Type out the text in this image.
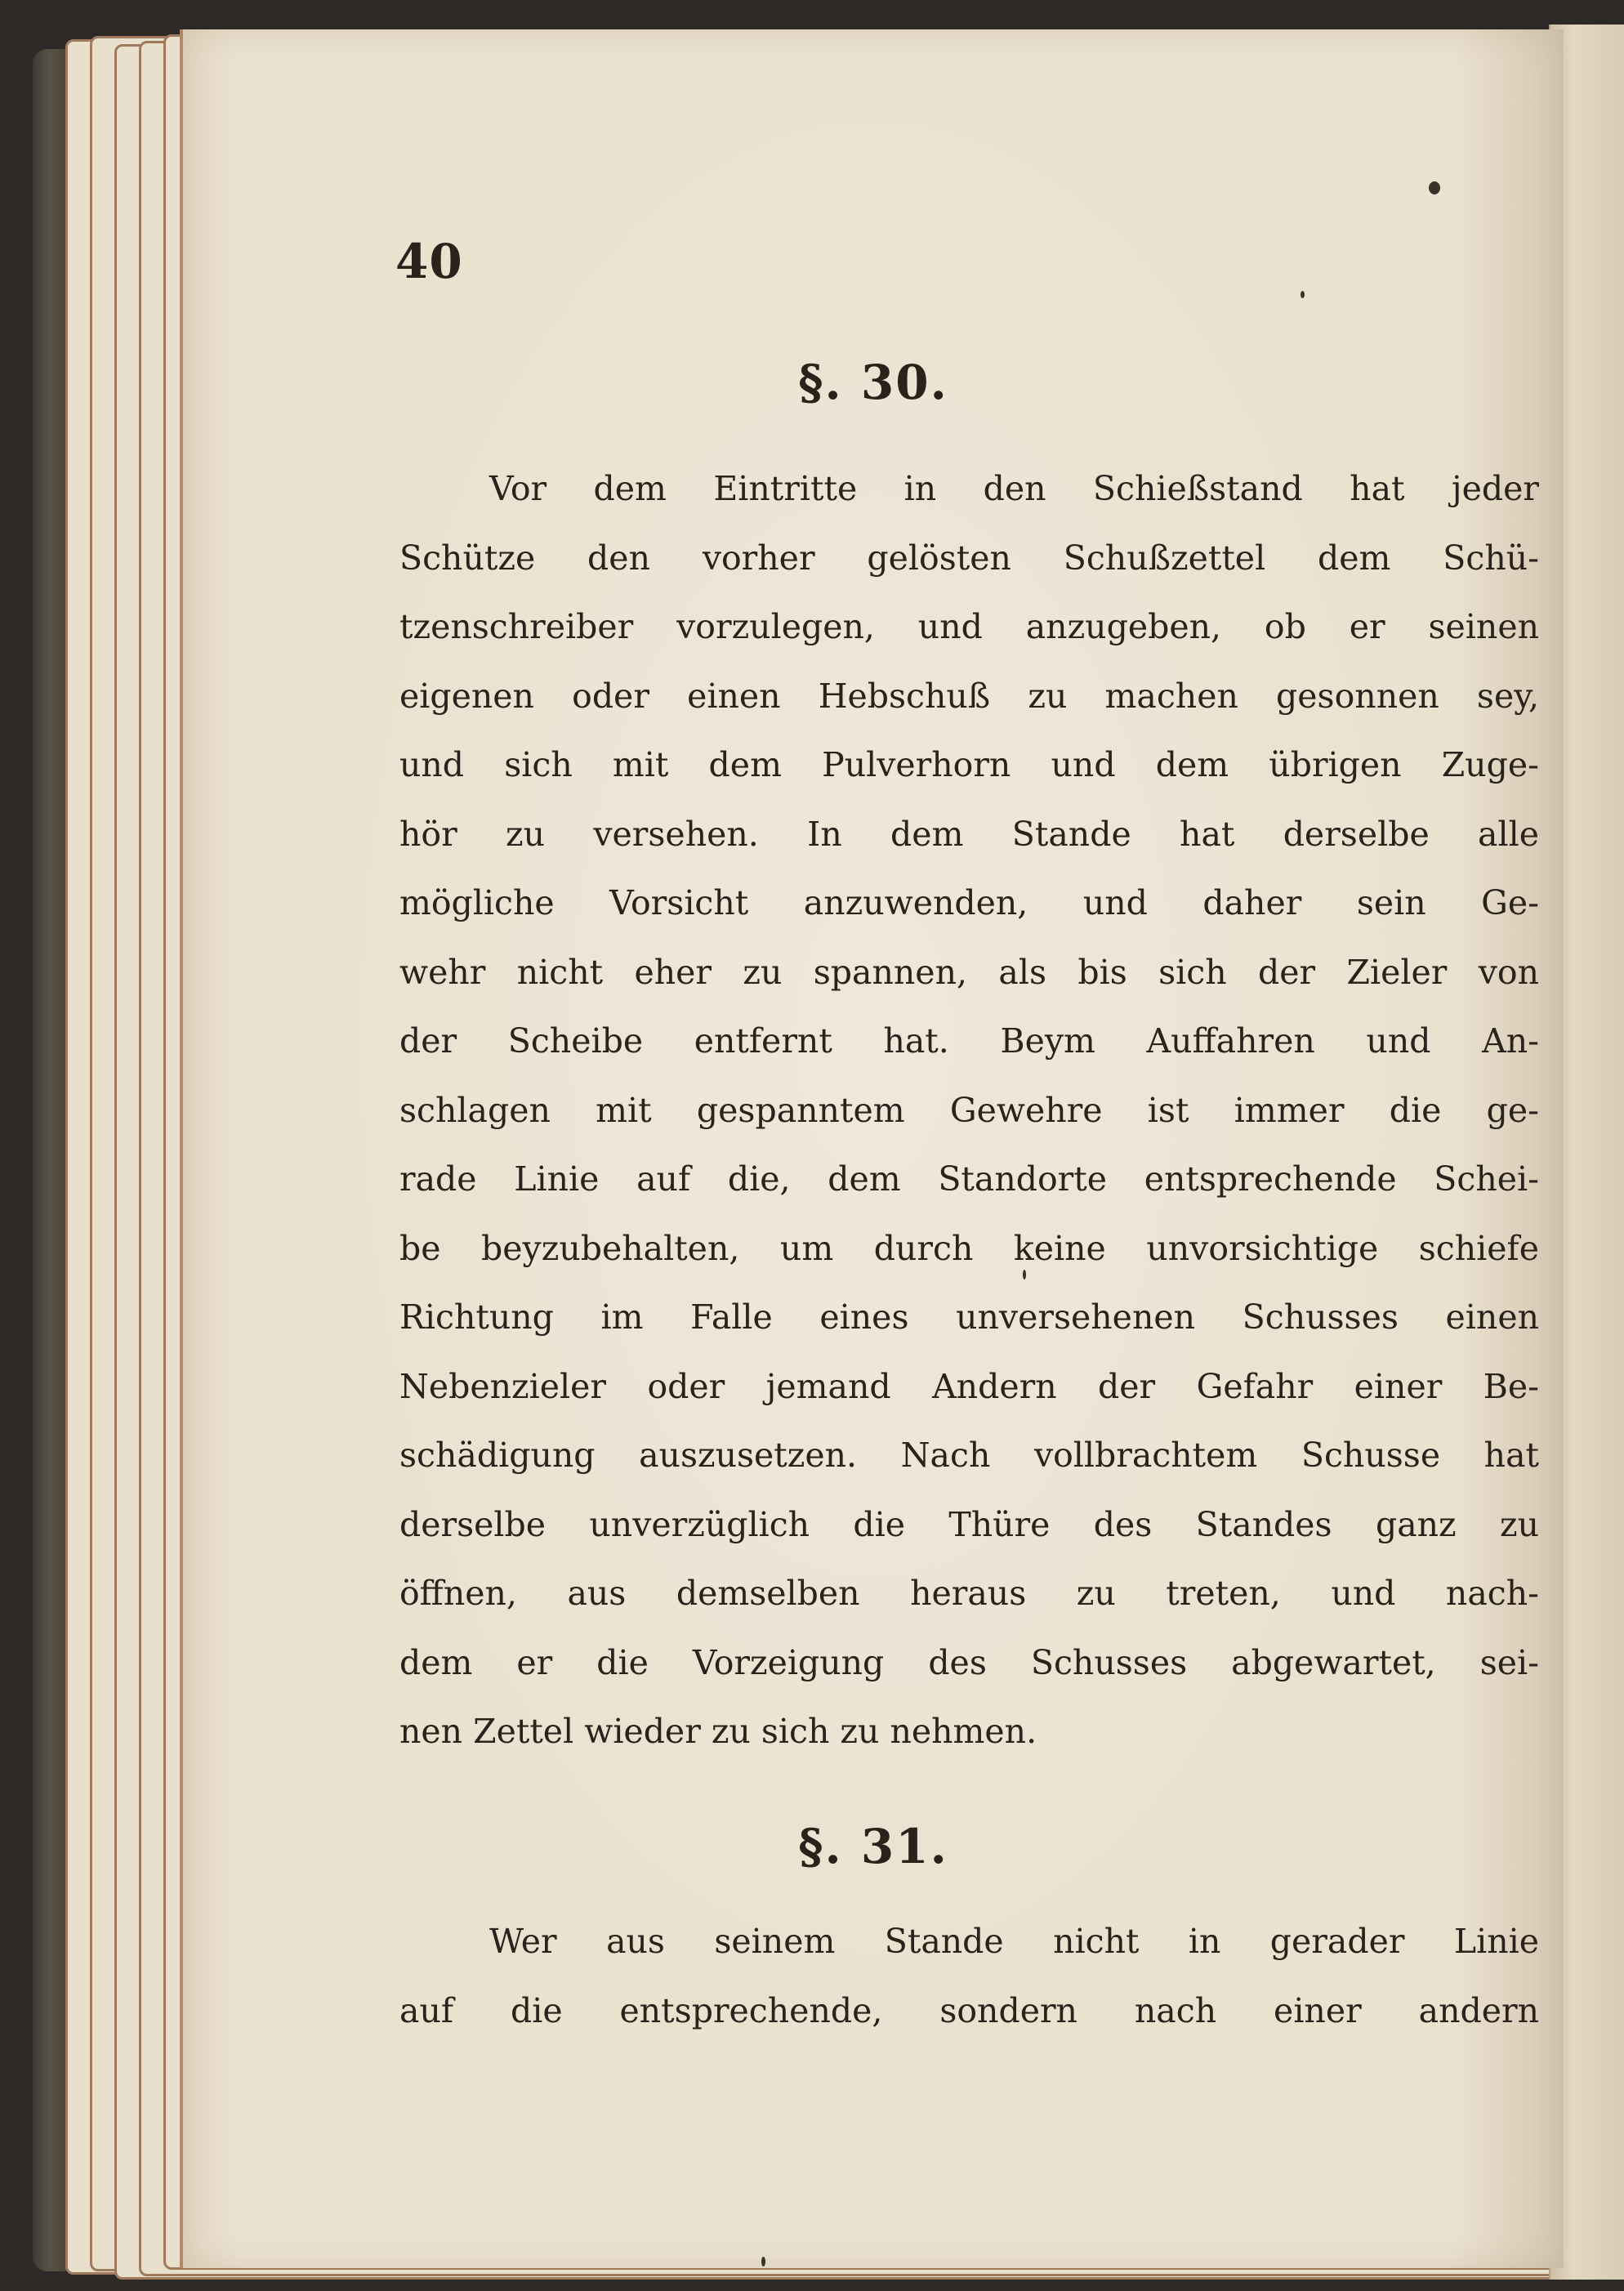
40
§. 30.
Vor dem Eintritte in den Schießstand hat jeder
Schütze den vorher gelösten Schußzettel dem Schü-
tzenschreiber vorzulegen, und anzugeben, ob er seinen
eigenen oder einen Hebschuß zu machen gesonnen sey,
und sich mit dem Pulverhorn und dem übrigen Zuge-
hör zu versehen. In dem Stande hat derselbe alle
mögliche Vorsicht anzuwenden, und daher sein Ge-
wehr nicht eher zu spannen, als bis sich der Zieler von
der Scheibe entfernt hat. Beym Auffahren und An-
schlagen mit gespanntem Gewehre ist immer die ge-
rade Linie auf die, dem Standorte entsprechende Schei-
be beyzubehalten, um durch keine unvorsichtige schiefe
Richtung im Falle eines unversehenen Schusses einen
Nebenzieler oder jemand Andern der Gefahr einer Be-
schädigung auszusetzen. Nach vollbrachtem Schusse hat
derselbe unverzüglich die Thüre des Standes ganz zu
öffnen, aus demselben heraus zu treten, und nach-
dem er die Vorzeigung des Schusses abgewartet, sei-
nen Zettel wieder zu sich zu nehmen.
§. 31.
Wer aus seinem Stande nicht in gerader Linie
auf die entsprechende, sondern nach einer andern
